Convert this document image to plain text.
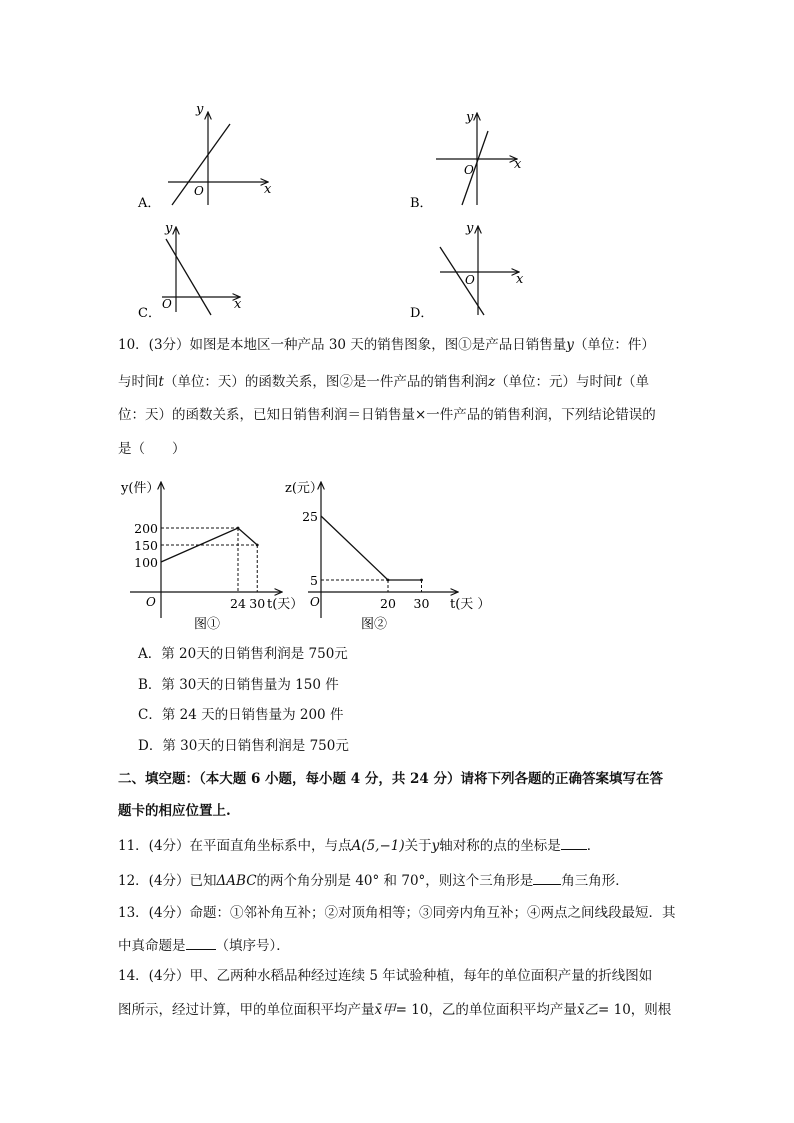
y
x
O
A．
y
x
O
B．
y
x
O
C．
y
x
O
D．
10．(3分）如图是本地区一种产品 30 天的销售图象，图①是产品日销售量y（单位：件）
与时间t（单位：天）的函数关系，图②是一件产品的销售利润z（单位：元）与时间t（单
位：天）的函数关系，已知日销售利润＝日销售量×一件产品的销售利润，下列结论错误的
是（　　）
y(件）
t(天）
O
图①
200
150
100
24 30
z(元）
t(天 ）
O
图②
25
5
20 30
A．第 20天的日销售利润是 750元
B．第 30天的日销售量为 150 件
C．第 24 天的日销售量为 200 件
D．第 30天的日销售利润是 750元
二、填空题：（本大题 6 小题，每小题 4 分，共 24 分）请将下列各题的正确答案填写在答
题卡的相应位置上.
11．(4分）在平面直角坐标系中，与点A(5,−1)关于y轴对称的点的坐标是 ．
12．(4分）已知ΔABC的两个角分别是 40° 和 70°，则这个三角形是 角三角形．
13．(4分）命题：①邻补角互补；②对顶角相等；③同旁内角互补；④两点之间线段最短．其
中真命题是 （填序号）．
14．(4分）甲、乙两种水稻品种经过连续 5 年试验种植，每年的单位面积产量的折线图如
图所示，经过计算，甲的单位面积平均产量x̄甲= 10，乙的单位面积平均产量x̄乙= 10，则根
